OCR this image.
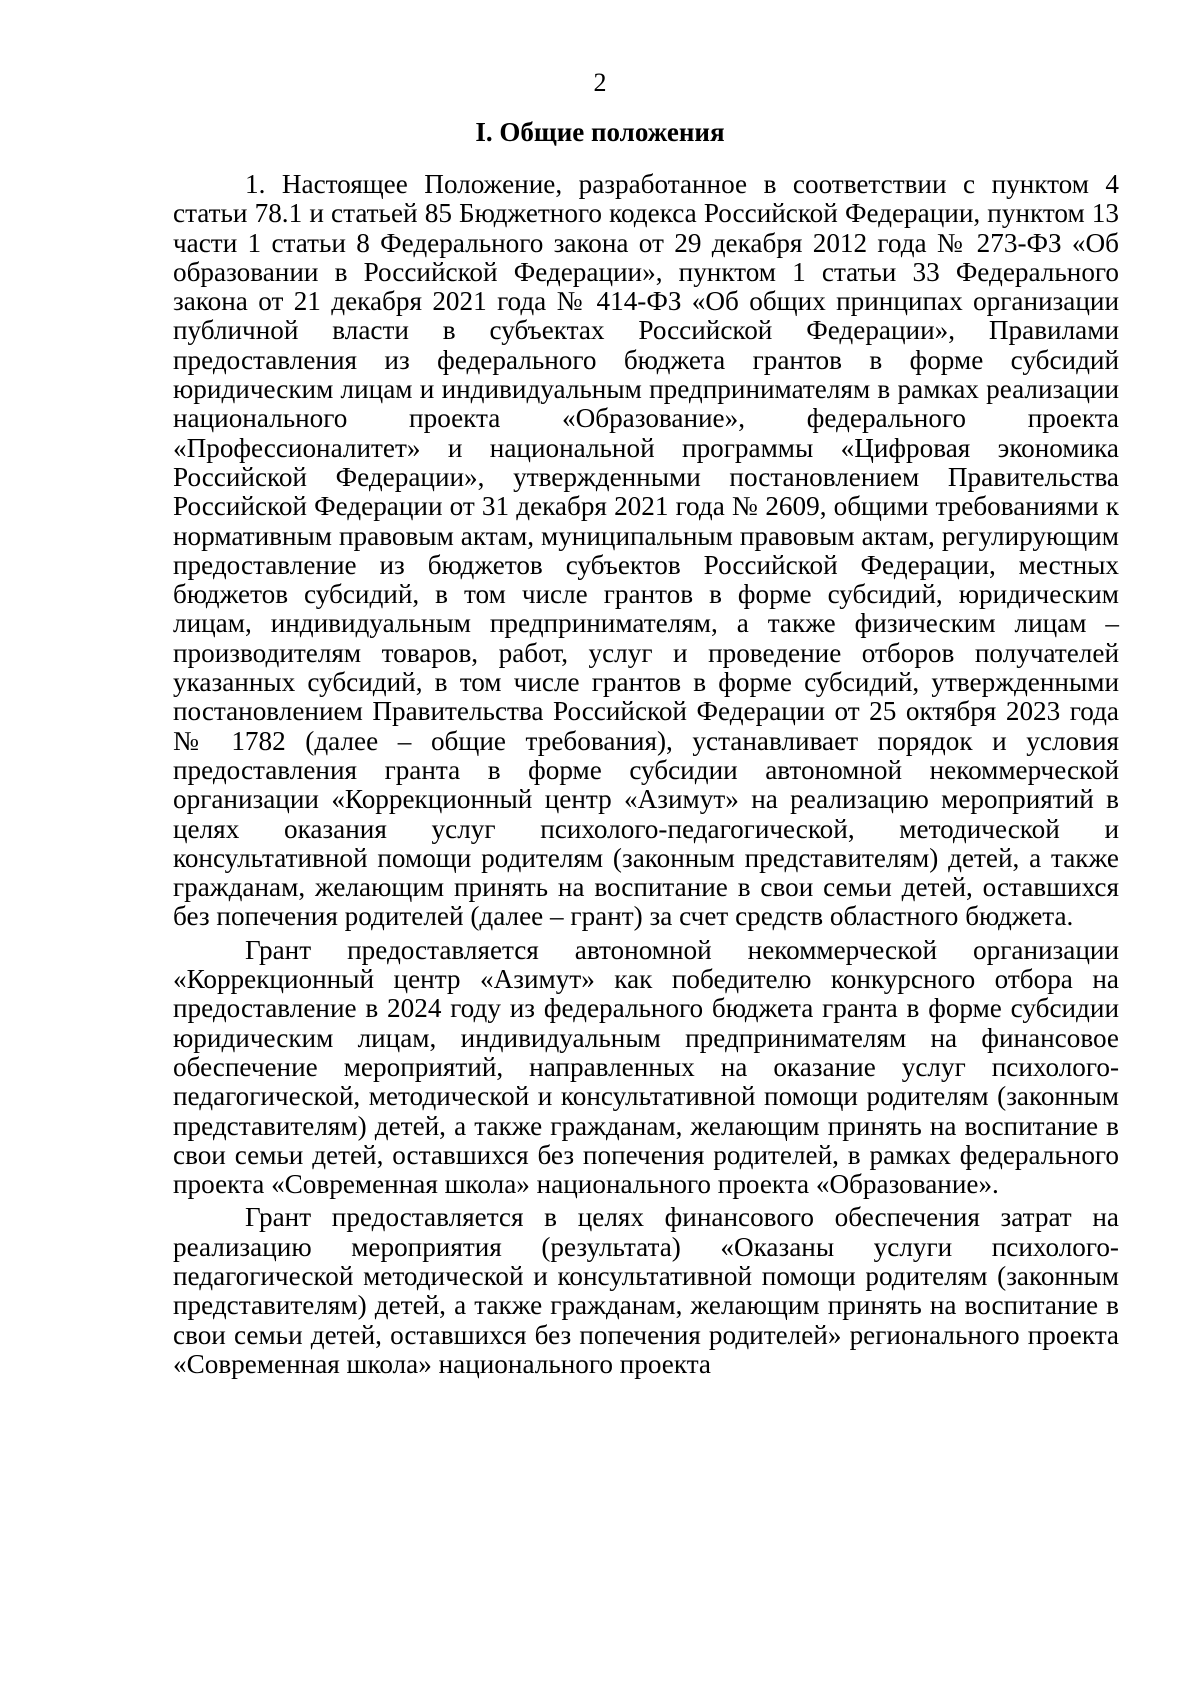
2
I. Общие положения

1. Настоящее Положение, разработанное в соответствии с пунктом 4 статьи 78.1 и статьей 85 Бюджетного кодекса Российской Федерации, пунктом 13 части 1 статьи 8 Федерального закона от 29 декабря 2012 года № 273-ФЗ «Об образовании в Российской Федерации», пунктом 1 статьи 33 Федерального закона от 21 декабря 2021 года № 414-ФЗ «Об общих принципах организации публичной власти в субъектах Российской Федерации», Правилами предоставления из федерального бюджета грантов в форме субсидий юридическим лицам и индивидуальным предпринимателям в рамках реализации национального проекта «Образование», федерального проекта «Профессионалитет» и национальной программы «Цифровая экономика Российской Федерации», утвержденными постановлением Правительства Российской Федерации от 31 декабря 2021 года № 2609, общими требованиями к нормативным правовым актам, муниципальным правовым актам, регулирующим предоставление из бюджетов субъектов Российской Федерации, местных бюджетов субсидий, в том числе грантов в форме субсидий, юридическим лицам, индивидуальным предпринимателям, а также физическим лицам – производителям товаров, работ, услуг и проведение отборов получателей указанных субсидий, в том числе грантов в форме субсидий, утвержденными постановлением Правительства Российской Федерации от 25 октября 2023 года № 1782 (далее – общие требования), устанавливает порядок и условия предоставления гранта в форме субсидии автономной некоммерческой организации «Коррекционный центр «Азимут» на реализацию мероприятий в целях оказания услуг психолого-педагогической, методической и консультативной помощи родителям (законным представителям) детей, а также гражданам, желающим принять на воспитание в свои семьи детей, оставшихся без попечения родителей (далее – грант) за счет средств областного бюджета.

Грант предоставляется автономной некоммерческой организации «Коррекционный центр «Азимут» как победителю конкурсного отбора на предоставление в 2024 году из федерального бюджета гранта в форме субсидии юридическим лицам, индивидуальным предпринимателям на финансовое обеспечение мероприятий, направленных на оказание услуг психолого-педагогической, методической и консультативной помощи родителям (законным представителям) детей, а также гражданам, желающим принять на воспитание в свои семьи детей, оставшихся без попечения родителей, в рамках федерального проекта «Современная школа» национального проекта «Образование».

Грант предоставляется в целях финансового обеспечения затрат на реализацию мероприятия (результата) «Оказаны услуги психолого-педагогической методической и консультативной помощи родителям (законным представителям) детей, а также гражданам, желающим принять на воспитание в свои семьи детей, оставшихся без попечения родителей» регионального проекта «Современная школа» национального проекта
